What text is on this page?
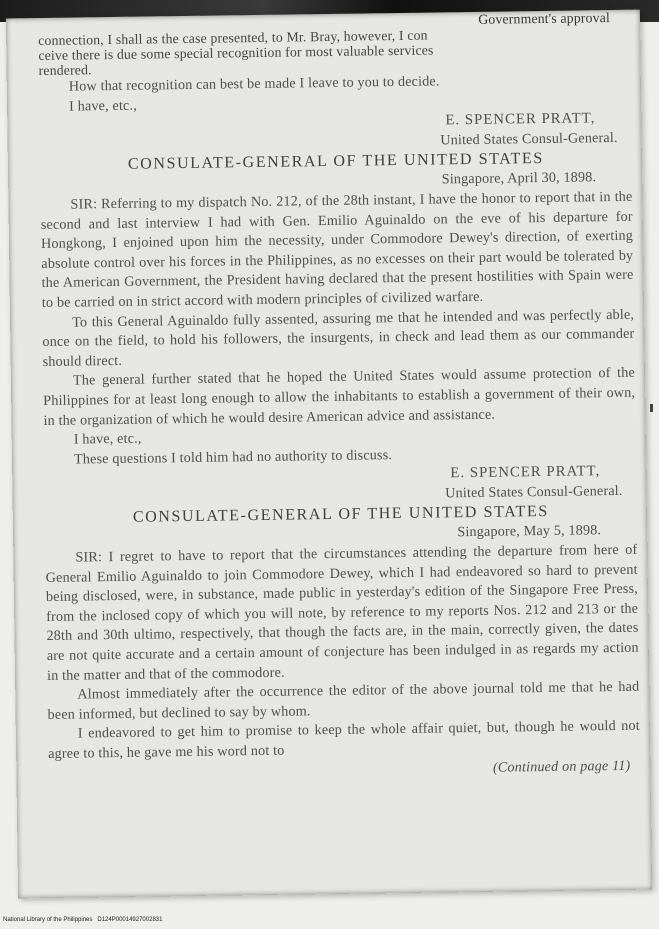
Government's approval
connection, I shall as the case presented, to Mr. Bray, however, I con
ceive there is due some special recognition for most valuable services
rendered.

How that recognition can best be made I leave to you to decide.

I have, etc.,

E. SPENCER PRATT,

United States Consul-General.

CONSULATE-GENERAL OF THE UNITED STATES

Singapore, April 30, 1898.

SIR: Referring to my dispatch No. 212, of the 28th instant, I have the honor to report that in the second and last interview I had with Gen. Emilio Aguinaldo on the eve of his departure for Hongkong, I enjoined upon him the necessity, under Commodore Dewey's direction, of exerting absolute control over his forces in the Philippines, as no excesses on their part would be tolerated by the American Government, the President having declared that the present hostilities with Spain were to be carried on in strict accord with modern principles of civilized warfare.

To this General Aguinaldo fully assented, assuring me that he intended and was perfectly able, once on the field, to hold his followers, the insurgents, in check and lead them as our commander should direct.

The general further stated that he hoped the United States would assume protection of the Philippines for at least long enough to allow the inhabitants to establish a government of their own, in the organization of which he would desire American advice and assistance.

I have, etc.,

These questions I told him had no authority to discuss.

E. SPENCER PRATT,

United States Consul-General.

CONSULATE-GENERAL OF THE UNITED STATES

Singapore, May 5, 1898.

SIR: I regret to have to report that the circumstances attending the departure from here of General Emilio Aguinaldo to join Commodore Dewey, which I had endeavored so hard to prevent being disclosed, were, in substance, made public in yesterday's edition of the Singapore Free Press, from the inclosed copy of which you will note, by reference to my reports Nos. 212 and 213 or the 28th and 30th ultimo, respectively, that though the facts are, in the main, correctly given, the dates are not quite accurate and a certain amount of conjecture has been indulged in as regards my action in the matter and that of the commodore.

Almost immediately after the occurrence the editor of the above journal told me that he had been informed, but declined to say by whom.

I endeavored to get him to promise to keep the whole affair quiet, but, though he would not agree to this, he gave me his word not to

(Continued on page 11)

National Library of the Philippines   D124P00014927002831
